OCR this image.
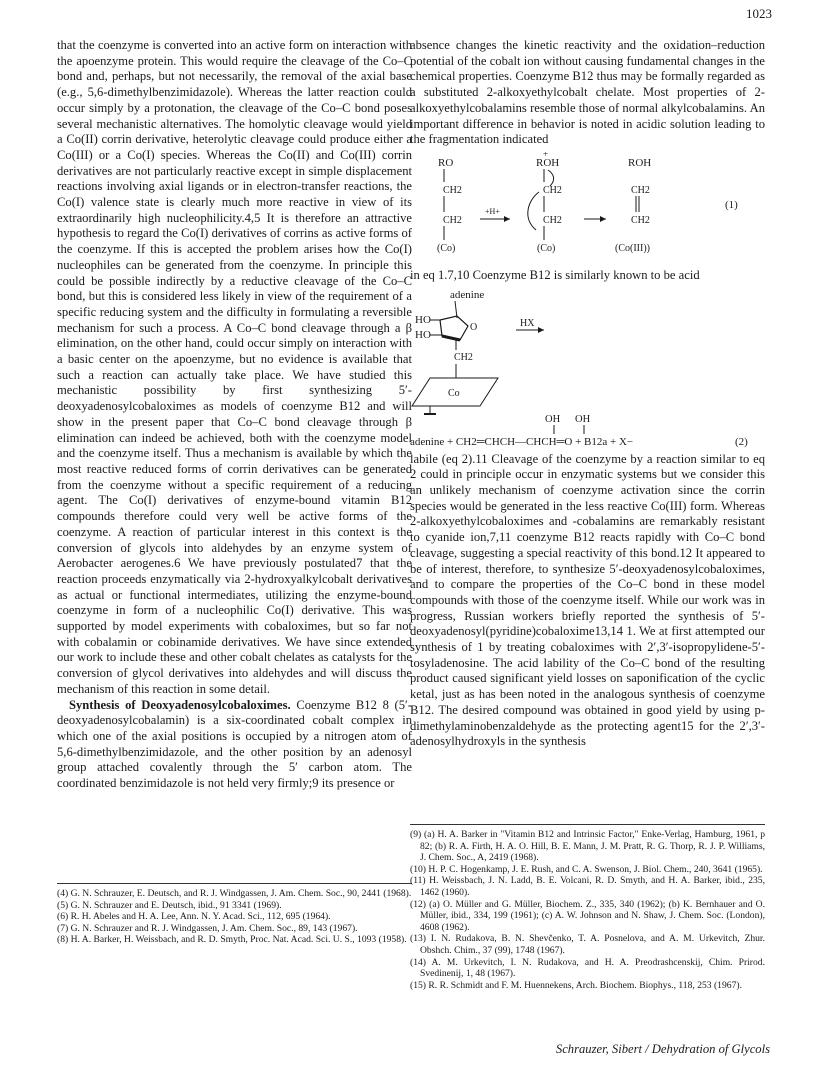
1023

that the coenzyme is converted into an active form on interaction with the apoenzyme protein. This would require the cleavage of the Co–C bond and, perhaps, but not necessarily, the removal of the axial base (e.g., 5,6-dimethylbenzimidazole). Whereas the latter reaction could occur simply by a protonation, the cleavage of the Co–C bond poses several mechanistic alternatives. The homolytic cleavage would yield a Co(II) corrin derivative, heterolytic cleavage could produce either a Co(III) or a Co(I) species. Whereas the Co(II) and Co(III) corrin derivatives are not particularly reactive except in simple displacement reactions involving axial ligands or in electron-transfer reactions, the Co(I) valence state is clearly much more reactive in view of its extraordinarily high nucleophilicity.4,5 It is therefore an attractive hypothesis to regard the Co(I) derivatives of corrins as active forms of the coenzyme. If this is accepted the problem arises how the Co(I) nucleophiles can be generated from the coenzyme. In principle this could be possible indirectly by a reductive cleavage of the Co–C bond, but this is considered less likely in view of the requirement of a specific reducing system and the difficulty in formulating a reversible mechanism for such a process. A Co–C bond cleavage through a β elimination, on the other hand, could occur simply on interaction with a basic center on the apoenzyme, but no evidence is available that such a reaction can actually take place. We have studied this mechanistic possibility by first synthesizing 5′-deoxyadenosylcobaloximes as models of coenzyme B12 and will show in the present paper that Co–C bond cleavage through β elimination can indeed be achieved, both with the coenzyme model and the coenzyme itself. Thus a mechanism is available by which the most reactive reduced forms of corrin derivatives can be generated from the coenzyme without a specific requirement of a reducing agent. The Co(I) derivatives of enzyme-bound vitamin B12 compounds therefore could very well be active forms of the coenzyme. A reaction of particular interest in this context is the conversion of glycols into aldehydes by an enzyme system of Aerobacter aerogenes.6 We have previously postulated7 that the reaction proceeds enzymatically via 2-hydroxyalkylcobalt derivatives as actual or functional intermediates, utilizing the enzyme-bound coenzyme in form of a nucleophilic Co(I) derivative. This was supported by model experiments with cobaloximes, but so far not with cobalamin or cobinamide derivatives. We have since extended our work to include these and other cobalt chelates as catalysts for the conversion of glycol derivatives into aldehydes and will discuss the mechanism of this reaction in some detail.

Synthesis of Deoxyadenosylcobaloximes. Coenzyme B12 8 (5′-deoxyadenosylcobalamin) is a six-coordinated cobalt complex in which one of the axial positions is occupied by a nitrogen atom of 5,6-dimethylbenzimidazole, and the other position by an adenosyl group attached covalently through the 5′ carbon atom. The coordinated benzimidazole is not held very firmly;9 its presence or

(4) G. N. Schrauzer, E. Deutsch, and R. J. Windgassen, J. Am. Chem. Soc., 90, 2441 (1968).

(5) G. N. Schrauzer and E. Deutsch, ibid., 91 3341 (1969).

(6) R. H. Abeles and H. A. Lee, Ann. N. Y. Acad. Sci., 112, 695 (1964).

(7) G. N. Schrauzer and R. J. Windgassen, J. Am. Chem. Soc., 89, 143 (1967).

(8) H. A. Barker, H. Weissbach, and R. D. Smyth, Proc. Nat. Acad. Sci. U. S., 1093 (1958).

absence changes the kinetic reactivity and the oxidation–reduction potential of the cobalt ion without causing fundamental changes in the chemical properties. Coenzyme B12 thus may be formally regarded as a substituted 2-alkoxyethylcobalt chelate. Most properties of 2-alkoxyethylcobalamins resemble those of normal alkylcobalamins. An important difference in behavior is noted in acidic solution leading to the fragmentation indicated

RO
CH2
CH2
(Co)
+H+
+
ROH
CH2
CH2
(Co)
ROH
CH2
CH2
(Co(III))
(1)

in eq 1.7,10 Coenzyme B12 is similarly known to be acid

adenine
O
HO
HO
CH2
Co
HX
OH OH
adenine + CH2═CHCH—CHCH═O + B12a + X−	(2)

labile (eq 2).11 Cleavage of the coenzyme by a reaction similar to eq 2 could in principle occur in enzymatic systems but we consider this an unlikely mechanism of coenzyme activation since the corrin species would be generated in the less reactive Co(III) form. Whereas 2-alkoxyethylcobaloximes and -cobalamins are remarkably resistant to cyanide ion,7,11 coenzyme B12 reacts rapidly with Co–C bond cleavage, suggesting a special reactivity of this bond.12 It appeared to be of interest, therefore, to synthesize 5′-deoxyadenosylcobaloximes, and to compare the properties of the Co–C bond in these model compounds with those of the coenzyme itself. While our work was in progress, Russian workers briefly reported the synthesis of 5′-deoxyadenosyl(pyridine)cobaloxime13,14 1. We at first attempted our synthesis of 1 by treating cobaloximes with 2′,3′-isopropylidene-5′-tosyladenosine. The acid lability of the Co–C bond of the resulting product caused significant yield losses on saponification of the cyclic ketal, just as has been noted in the analogous synthesis of coenzyme B12. The desired compound was obtained in good yield by using p-dimethylaminobenzaldehyde as the protecting agent15 for the 2′,3′-adenosylhydroxyls in the synthesis

(9) (a) H. A. Barker in "Vitamin B12 and Intrinsic Factor," Enke-Verlag, Hamburg, 1961, p 82; (b) R. A. Firth, H. A. O. Hill, B. E. Mann, J. M. Pratt, R. G. Thorp, R. J. P. Williams, J. Chem. Soc., A, 2419 (1968).

(10) H. P. C. Hogenkamp, J. E. Rush, and C. A. Swenson, J. Biol. Chem., 240, 3641 (1965).

(11) H. Weissbach, J. N. Ladd, B. E. Volcani, R. D. Smyth, and H. A. Barker, ibid., 235, 1462 (1960).

(12) (a) O. Müller and G. Müller, Biochem. Z., 335, 340 (1962); (b) K. Bernhauer and O. Müller, ibid., 334, 199 (1961); (c) A. W. Johnson and N. Shaw, J. Chem. Soc. (London), 4608 (1962).

(13) I. N. Rudakova, B. N. Shevčenko, T. A. Posnelova, and A. M. Urkevitch, Zhur. Obshch. Chim., 37 (99), 1748 (1967).

(14) A. M. Urkevitch, I. N. Rudakova, and H. A. Preodrashcenskij, Chim. Prirod. Svedinenij, 1, 48 (1967).

(15) R. R. Schmidt and F. M. Huennekens, Arch. Biochem. Biophys., 118, 253 (1967).

Schrauzer, Sibert / Dehydration of Glycols
